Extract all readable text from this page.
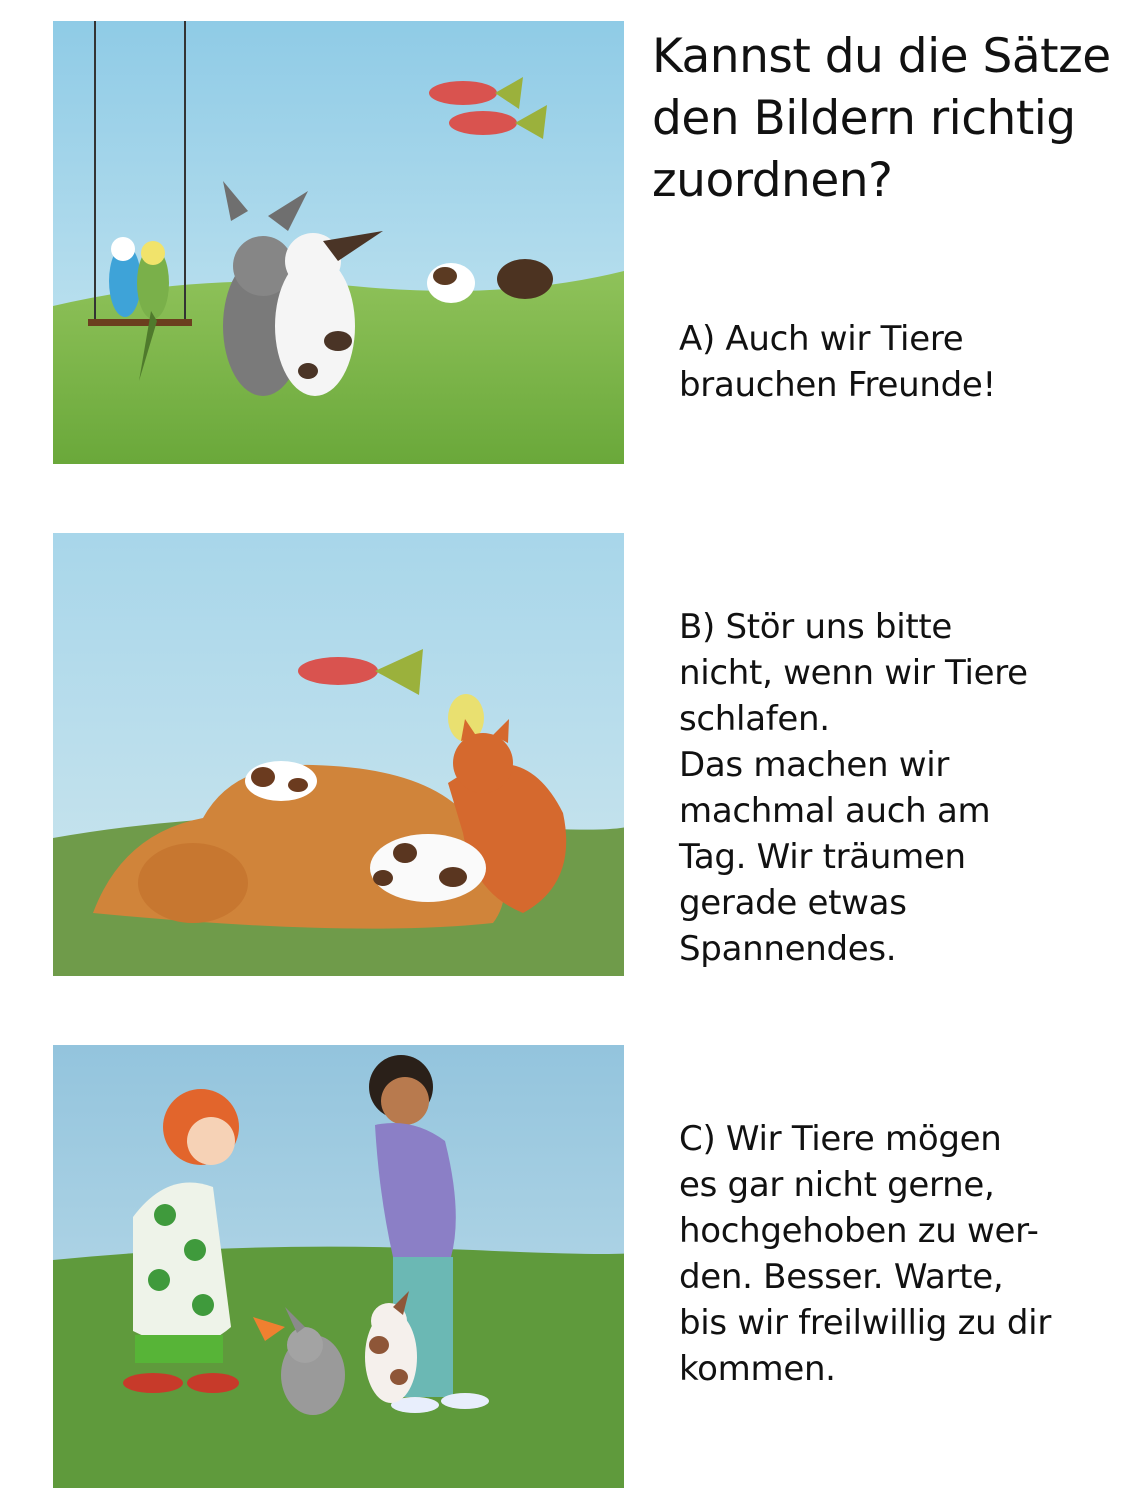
Kannst du die Sätze
den Bildern richtig
zuordnen?

A) Auch wir Tiere
brauchen Freunde!

B) Stör uns bitte
nicht, wenn wir Tiere
schlafen.
Das machen wir
machmal auch am
Tag. Wir träumen
gerade etwas
Spannendes.

C) Wir Tiere mögen
es gar nicht gerne,
hochgehoben zu wer-
den. Besser. Warte,
bis wir freilwillig zu dir
kommen.
